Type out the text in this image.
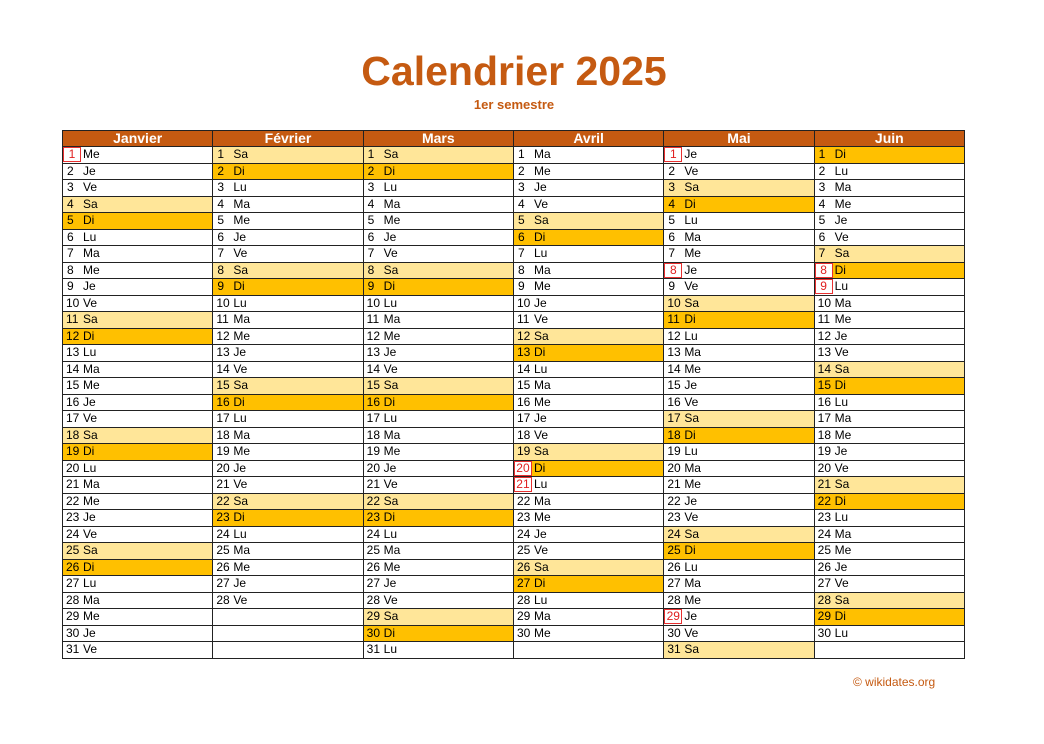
Calendrier 2025
1er semestre
Janvier	Février	Mars	Avril	Mai	Juin
1 Me	1 Sa	1 Sa	1 Ma	1 Je	1 Di
2 Je	2 Di	2 Di	2 Me	2 Ve	2 Lu
3 Ve	3 Lu	3 Lu	3 Je	3 Sa	3 Ma
4 Sa	4 Ma	4 Ma	4 Ve	4 Di	4 Me
5 Di	5 Me	5 Me	5 Sa	5 Lu	5 Je
6 Lu	6 Je	6 Je	6 Di	6 Ma	6 Ve
7 Ma	7 Ve	7 Ve	7 Lu	7 Me	7 Sa
8 Me	8 Sa	8 Sa	8 Ma	8 Je	8 Di
9 Je	9 Di	9 Di	9 Me	9 Ve	9 Lu
10 Ve	10 Lu	10 Lu	10 Je	10 Sa	10 Ma
11 Sa	11 Ma	11 Ma	11 Ve	11 Di	11 Me
12 Di	12 Me	12 Me	12 Sa	12 Lu	12 Je
13 Lu	13 Je	13 Je	13 Di	13 Ma	13 Ve
14 Ma	14 Ve	14 Ve	14 Lu	14 Me	14 Sa
15 Me	15 Sa	15 Sa	15 Ma	15 Je	15 Di
16 Je	16 Di	16 Di	16 Me	16 Ve	16 Lu
17 Ve	17 Lu	17 Lu	17 Je	17 Sa	17 Ma
18 Sa	18 Ma	18 Ma	18 Ve	18 Di	18 Me
19 Di	19 Me	19 Me	19 Sa	19 Lu	19 Je
20 Lu	20 Je	20 Je	20 Di	20 Ma	20 Ve
21 Ma	21 Ve	21 Ve	21 Lu	21 Me	21 Sa
22 Me	22 Sa	22 Sa	22 Ma	22 Je	22 Di
23 Je	23 Di	23 Di	23 Me	23 Ve	23 Lu
24 Ve	24 Lu	24 Lu	24 Je	24 Sa	24 Ma
25 Sa	25 Ma	25 Ma	25 Ve	25 Di	25 Me
26 Di	26 Me	26 Me	26 Sa	26 Lu	26 Je
27 Lu	27 Je	27 Je	27 Di	27 Ma	27 Ve
28 Ma	28 Ve	28 Ve	28 Lu	28 Me	28 Sa
29 Me		29 Sa	29 Ma	29 Je	29 Di
30 Je		30 Di	30 Me	30 Ve	30 Lu
31 Ve		31 Lu		31 Sa	
© wikidates.org
